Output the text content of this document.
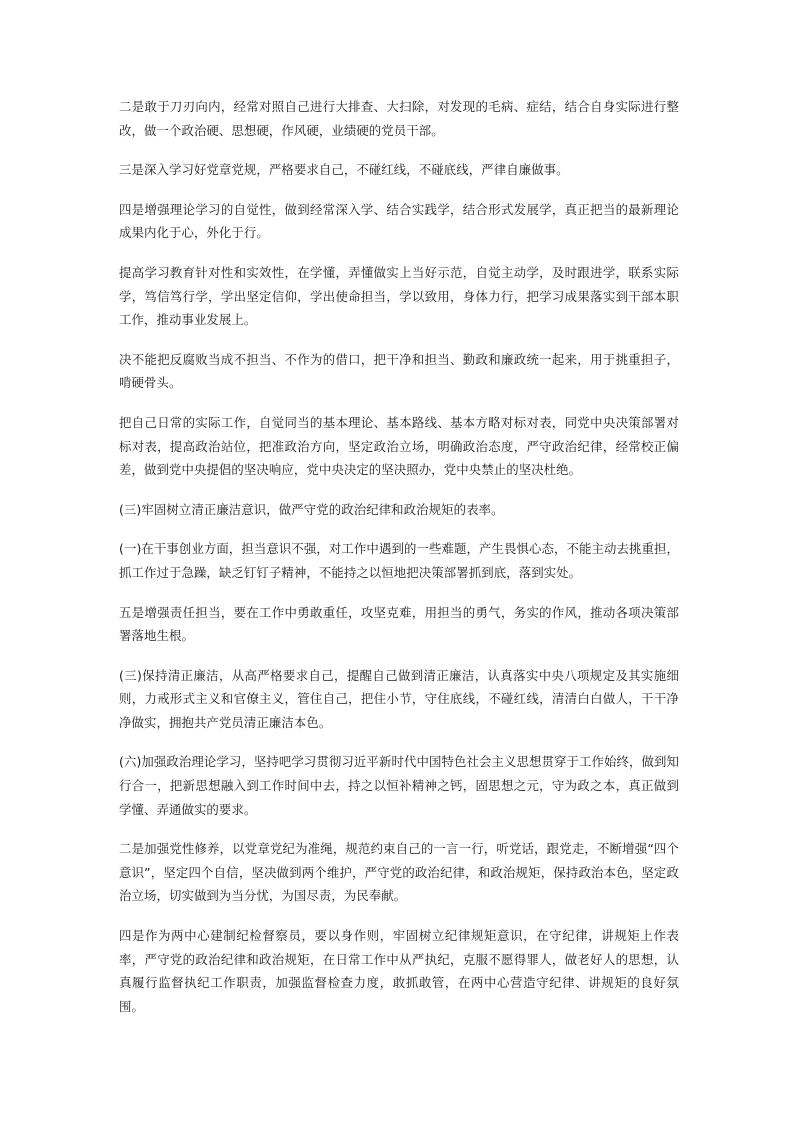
二是敢于刀刃向内，经常对照自己进行大排查、大扫除，对发现的毛病、症结，结合自身实际进行整改，做一个政治硬、思想硬，作风硬，业绩硬的党员干部。

三是深入学习好党章党规，严格要求自己，不碰红线，不碰底线，严律自廉做事。

四是增强理论学习的自觉性，做到经常深入学、结合实践学，结合形式发展学，真正把当的最新理论成果内化于心，外化于行。

提高学习教育针对性和实效性，在学懂，弄懂做实上当好示范，自觉主动学，及时跟进学，联系实际学，笃信笃行学，学出坚定信仰，学出使命担当，学以致用，身体力行，把学习成果落实到干部本职工作，推动事业发展上。

决不能把反腐败当成不担当、不作为的借口，把干净和担当、勤政和廉政统一起来，用于挑重担子，啃硬骨头。

把自己日常的实际工作，自觉同当的基本理论、基本路线、基本方略对标对表，同党中央决策部署对标对表，提高政治站位，把准政治方向，坚定政治立场，明确政治态度，严守政治纪律，经常校正偏差，做到党中央提倡的坚决响应，党中央决定的坚决照办，党中央禁止的坚决杜绝。

(三)牢固树立清正廉洁意识，做严守党的政治纪律和政治规矩的表率。

(一)在干事创业方面，担当意识不强，对工作中遇到的一些难题，产生畏惧心态，不能主动去挑重担，抓工作过于急躁，缺乏钉钉子精神，不能持之以恒地把决策部署抓到底，落到实处。

五是增强责任担当，要在工作中勇敢重任，攻坚克难，用担当的勇气，务实的作风，推动各项决策部署落地生根。

(三)保持清正廉洁，从高严格要求自己，提醒自己做到清正廉洁，认真落实中央八项规定及其实施细则，力戒形式主义和官僚主义，管住自己，把住小节，守住底线，不碰红线，清清白白做人，干干净净做实，拥抱共产党员清正廉洁本色。

(六)加强政治理论学习，坚持吧学习贯彻习近平新时代中国特色社会主义思想贯穿于工作始终，做到知行合一，把新思想融入到工作时间中去，持之以恒补精神之钙，固思想之元，守为政之本，真正做到学懂、弄通做实的要求。

二是加强党性修养，以党章党纪为准绳，规范约束自己的一言一行，听党话，跟党走，不断增强“四个意识”，坚定四个自信，坚决做到两个维护，严守党的政治纪律，和政治规矩，保持政治本色，坚定政治立场，切实做到为当分忧，为国尽责，为民奉献。

四是作为两中心建制纪检督察员，要以身作则，牢固树立纪律规矩意识，在守纪律，讲规矩上作表率，严守党的政治纪律和政治规矩，在日常工作中从严执纪，克服不愿得罪人，做老好人的思想，认真履行监督执纪工作职责，加强监督检查力度，敢抓敢管，在两中心营造守纪律、讲规矩的良好氛围。
